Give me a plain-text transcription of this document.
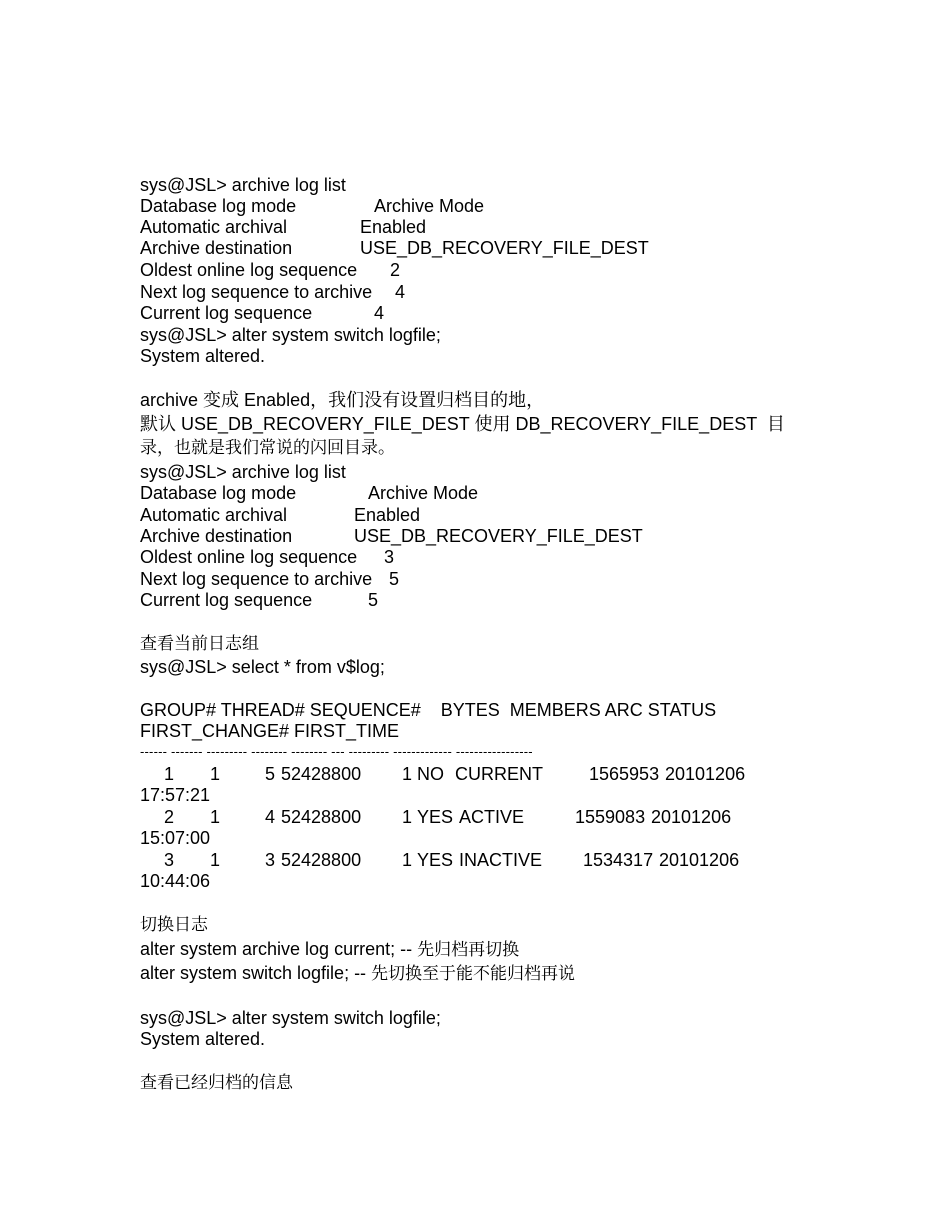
sys@JSL> archive log list
Database log mode	Archive Mode
Automatic archival	Enabled
Archive destination	USE_DB_RECOVERY_FILE_DEST
Oldest online log sequence 2
Next log sequence to archive 4
Current log sequence	4
sys@JSL> alter system switch logfile;
System altered.
archive 变成 Enabled，我们没有设置归档目的地，
默认 USE_DB_RECOVERY_FILE_DEST 使用 DB_RECOVERY_FILE_DEST  目
录，也就是我们常说的闪回目录。
sys@JSL> archive log list
Database log mode	Archive Mode
Automatic archival	Enabled
Archive destination	USE_DB_RECOVERY_FILE_DEST
Oldest online log sequence 3
Next log sequence to archive 5
Current log sequence	5
查看当前日志组
sys@JSL> select * from v$log;
GROUP# THREAD# SEQUENCE#    BYTES  MEMBERS ARC STATUS
FIRST_CHANGE# FIRST_TIME
------ ------- --------- -------- -------- --- --------- ------------- -----------------
1 1 5 52428800 1 NO CURRENT	1565953 20101206
17:57:21
2 1 4 52428800 1 YES ACTIVE	1559083 20101206
15:07:00
3 1 3 52428800 1 YES INACTIVE 1534317 20101206
10:44:06
切换日志
alter system archive log current; -- 先归档再切换
alter system switch logfile; -- 先切换至于能不能归档再说
sys@JSL> alter system switch logfile;
System altered.
查看已经归档的信息
